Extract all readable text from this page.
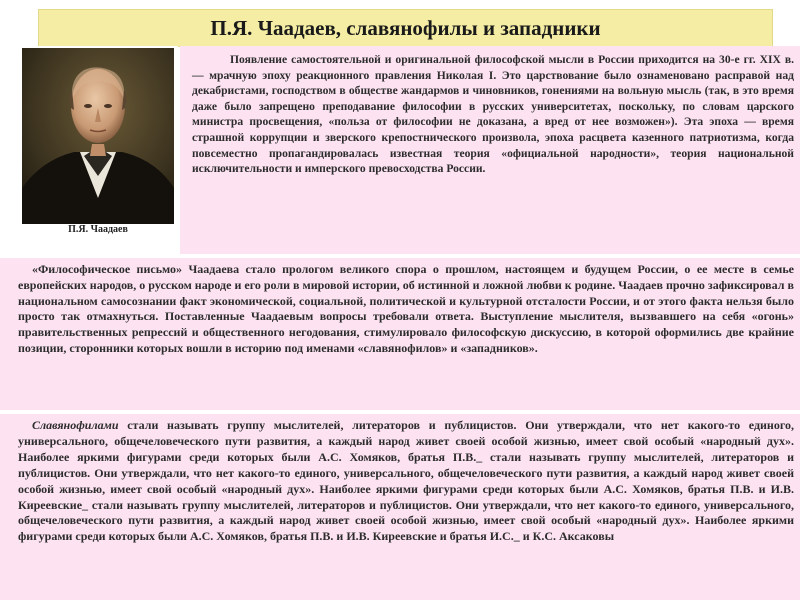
П.Я. Чаадаев, славянофилы и западники
П.Я. Чаадаев

Появление самостоятельной и оригинальной философской мысли в России приходится на 30-е гг. XIX в. — мрачную эпоху реакционного правления Николая I. Это царствование было ознаменовано расправой над декабристами, господством в обществе жандармов и чиновников, гонениями на вольную мысль (так, в это время даже было запрещено преподавание философии в русских университетах, поскольку, по словам царского министра просвещения, «польза от философии не доказана, а вред от нее возможен»). Эта эпоха — время страшной коррупции и зверского крепостнического произвола, эпоха расцвета казенного патриотизма, когда повсеместно пропагандировалась известная теория «официальной народности», теория национальной исключительности и имперского превосходства России.

«Философическое письмо» Чаадаева стало прологом великого спора о прошлом, настоящем и будущем России, о ее месте в семье европейских народов, о русском народе и его роли в мировой истории, об истинной и ложной любви к родине. Чаадаев прочно зафиксировал в национальном самосознании факт экономической, социальной, политической и культурной отсталости России, и от этого факта нельзя было просто так отмахнуться. Поставленные Чаадаевым вопросы требовали ответа. Выступление мыслителя, вызвавшего на себя «огонь» правительственных репрессий и общественного негодования, стимулировало философскую дискуссию, в которой оформились две крайние позиции, сторонники которых вошли в историю под именами «славянофилов» и «западников».

Славянофилами стали называть группу мыслителей, литераторов и публицистов. Они утверждали, что нет какого-то единого, универсального, общечеловеческого пути развития, а каждый народ живет своей особой жизнью, имеет свой особый «народный дух». Наиболее яркими фигурами среди которых были А.С. Хомяков, братья П.В._ стали называть группу мыслителей, литераторов и публицистов. Они утверждали, что нет какого-то единого, универсального, общечеловеческого пути развития, а каждый народ живет своей особой жизнью, имеет свой особый «народный дух». Наиболее яркими фигурами среди которых были А.С. Хомяков, братья П.В. и И.В. Киреевские_ стали называть группу мыслителей, литераторов и публицистов. Они утверждали, что нет какого-то единого, универсального, общечеловеческого пути развития, а каждый народ живет своей особой жизнью, имеет свой особый «народный дух». Наиболее яркими фигурами среди которых были А.С. Хомяков, братья П.В. и И.В. Киреевские и братья И.С._ и К.С. Аксаковы
